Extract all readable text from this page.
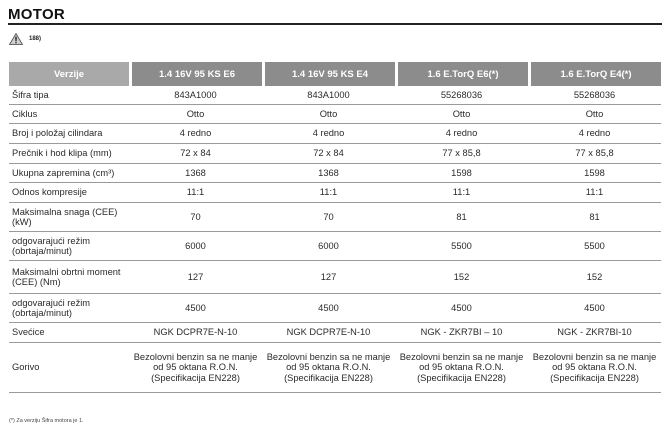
MOTOR
188)
Verzije	1.4 16V 95 KS E6	1.4 16V 95 KS E4	1.6 E.TorQ E6(*)	1.6 E.TorQ E4(*)
Šifra tipa	843A1000	843A1000	55268036	55268036
Ciklus	Otto	Otto	Otto	Otto
Broj i položaj cilindara	4 redno	4 redno	4 redno	4 redno
Prečnik i hod klipa (mm)	72 x 84	72 x 84	77 x 85,8	77 x 85,8
Ukupna zapremina (cm³)	1368	1368	1598	1598
Odnos kompresije	11:1	11:1	11:1	11:1
Maksimalna snaga (CEE) (kW)	70	70	81	81
odgovarajući režim (obrtaja/minut)	6000	6000	5500	5500
Maksimalni obrtni moment (CEE) (Nm)	127	127	152	152
odgovarajući režim (obrtaja/minut)	4500	4500	4500	4500
Svećice	NGK DCPR7E-N-10	NGK DCPR7E-N-10	NGK - ZKR7BI – 10	NGK - ZKR7BI-10
Gorivo	Bezolovni benzin sa ne manje od 95 oktana R.O.N. (Specifikacija EN228)	Bezolovni benzin sa ne manje od 95 oktana R.O.N. (Specifikacija EN228)	Bezolovni benzin sa ne manje od 95 oktana R.O.N. (Specifikacija EN228)	Bezolovni benzin sa ne manje od 95 oktana R.O.N. (Specifikacija EN228)
(*) Za verziju Šifra motora je 1.
